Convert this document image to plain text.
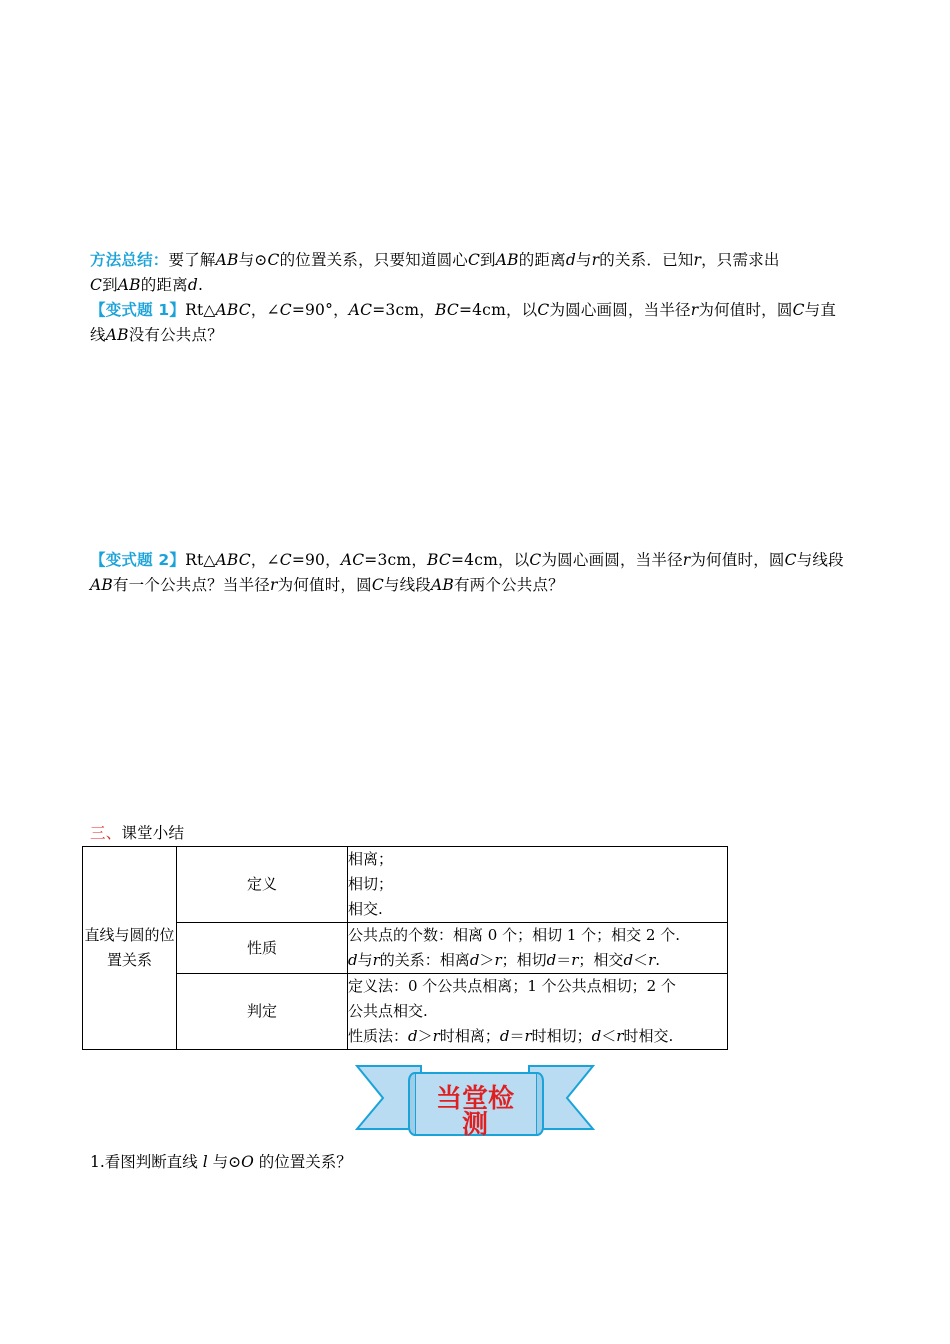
方法总结：要了解AB与⊙C的位置关系，只要知道圆心C到AB的距离d与r的关系．已知r，只需求出
C到AB的距离d.
【变式题 1】Rt△ABC，∠C=90°，AC=3cm，BC=4cm，以C为圆心画圆，当半径r为何值时，圆C与直
线AB没有公共点？
【变式题 2】Rt△ABC，∠C=90，AC=3cm，BC=4cm，以C为圆心画圆，当半径r为何值时，圆C与线段
AB有一个公共点？当半径r为何值时，圆C与线段AB有两个公共点？
三、课堂小结
直线与圆的位置关系	定义	相离；
相切；
相交.

	性质	公共点的个数：相离 0 个；相切 1 个；相交 2 个.
d与r的关系：相离d＞r；相切d＝r；相交d＜r.

	判定	定义法：0 个公共点相离；1 个公共点相切；2 个
公共点相交.
性质法：d＞r时相离；d＝r时相切；d＜r时相交.
当堂检
测
1.看图判断直线 l 与⊙O 的位置关系？
